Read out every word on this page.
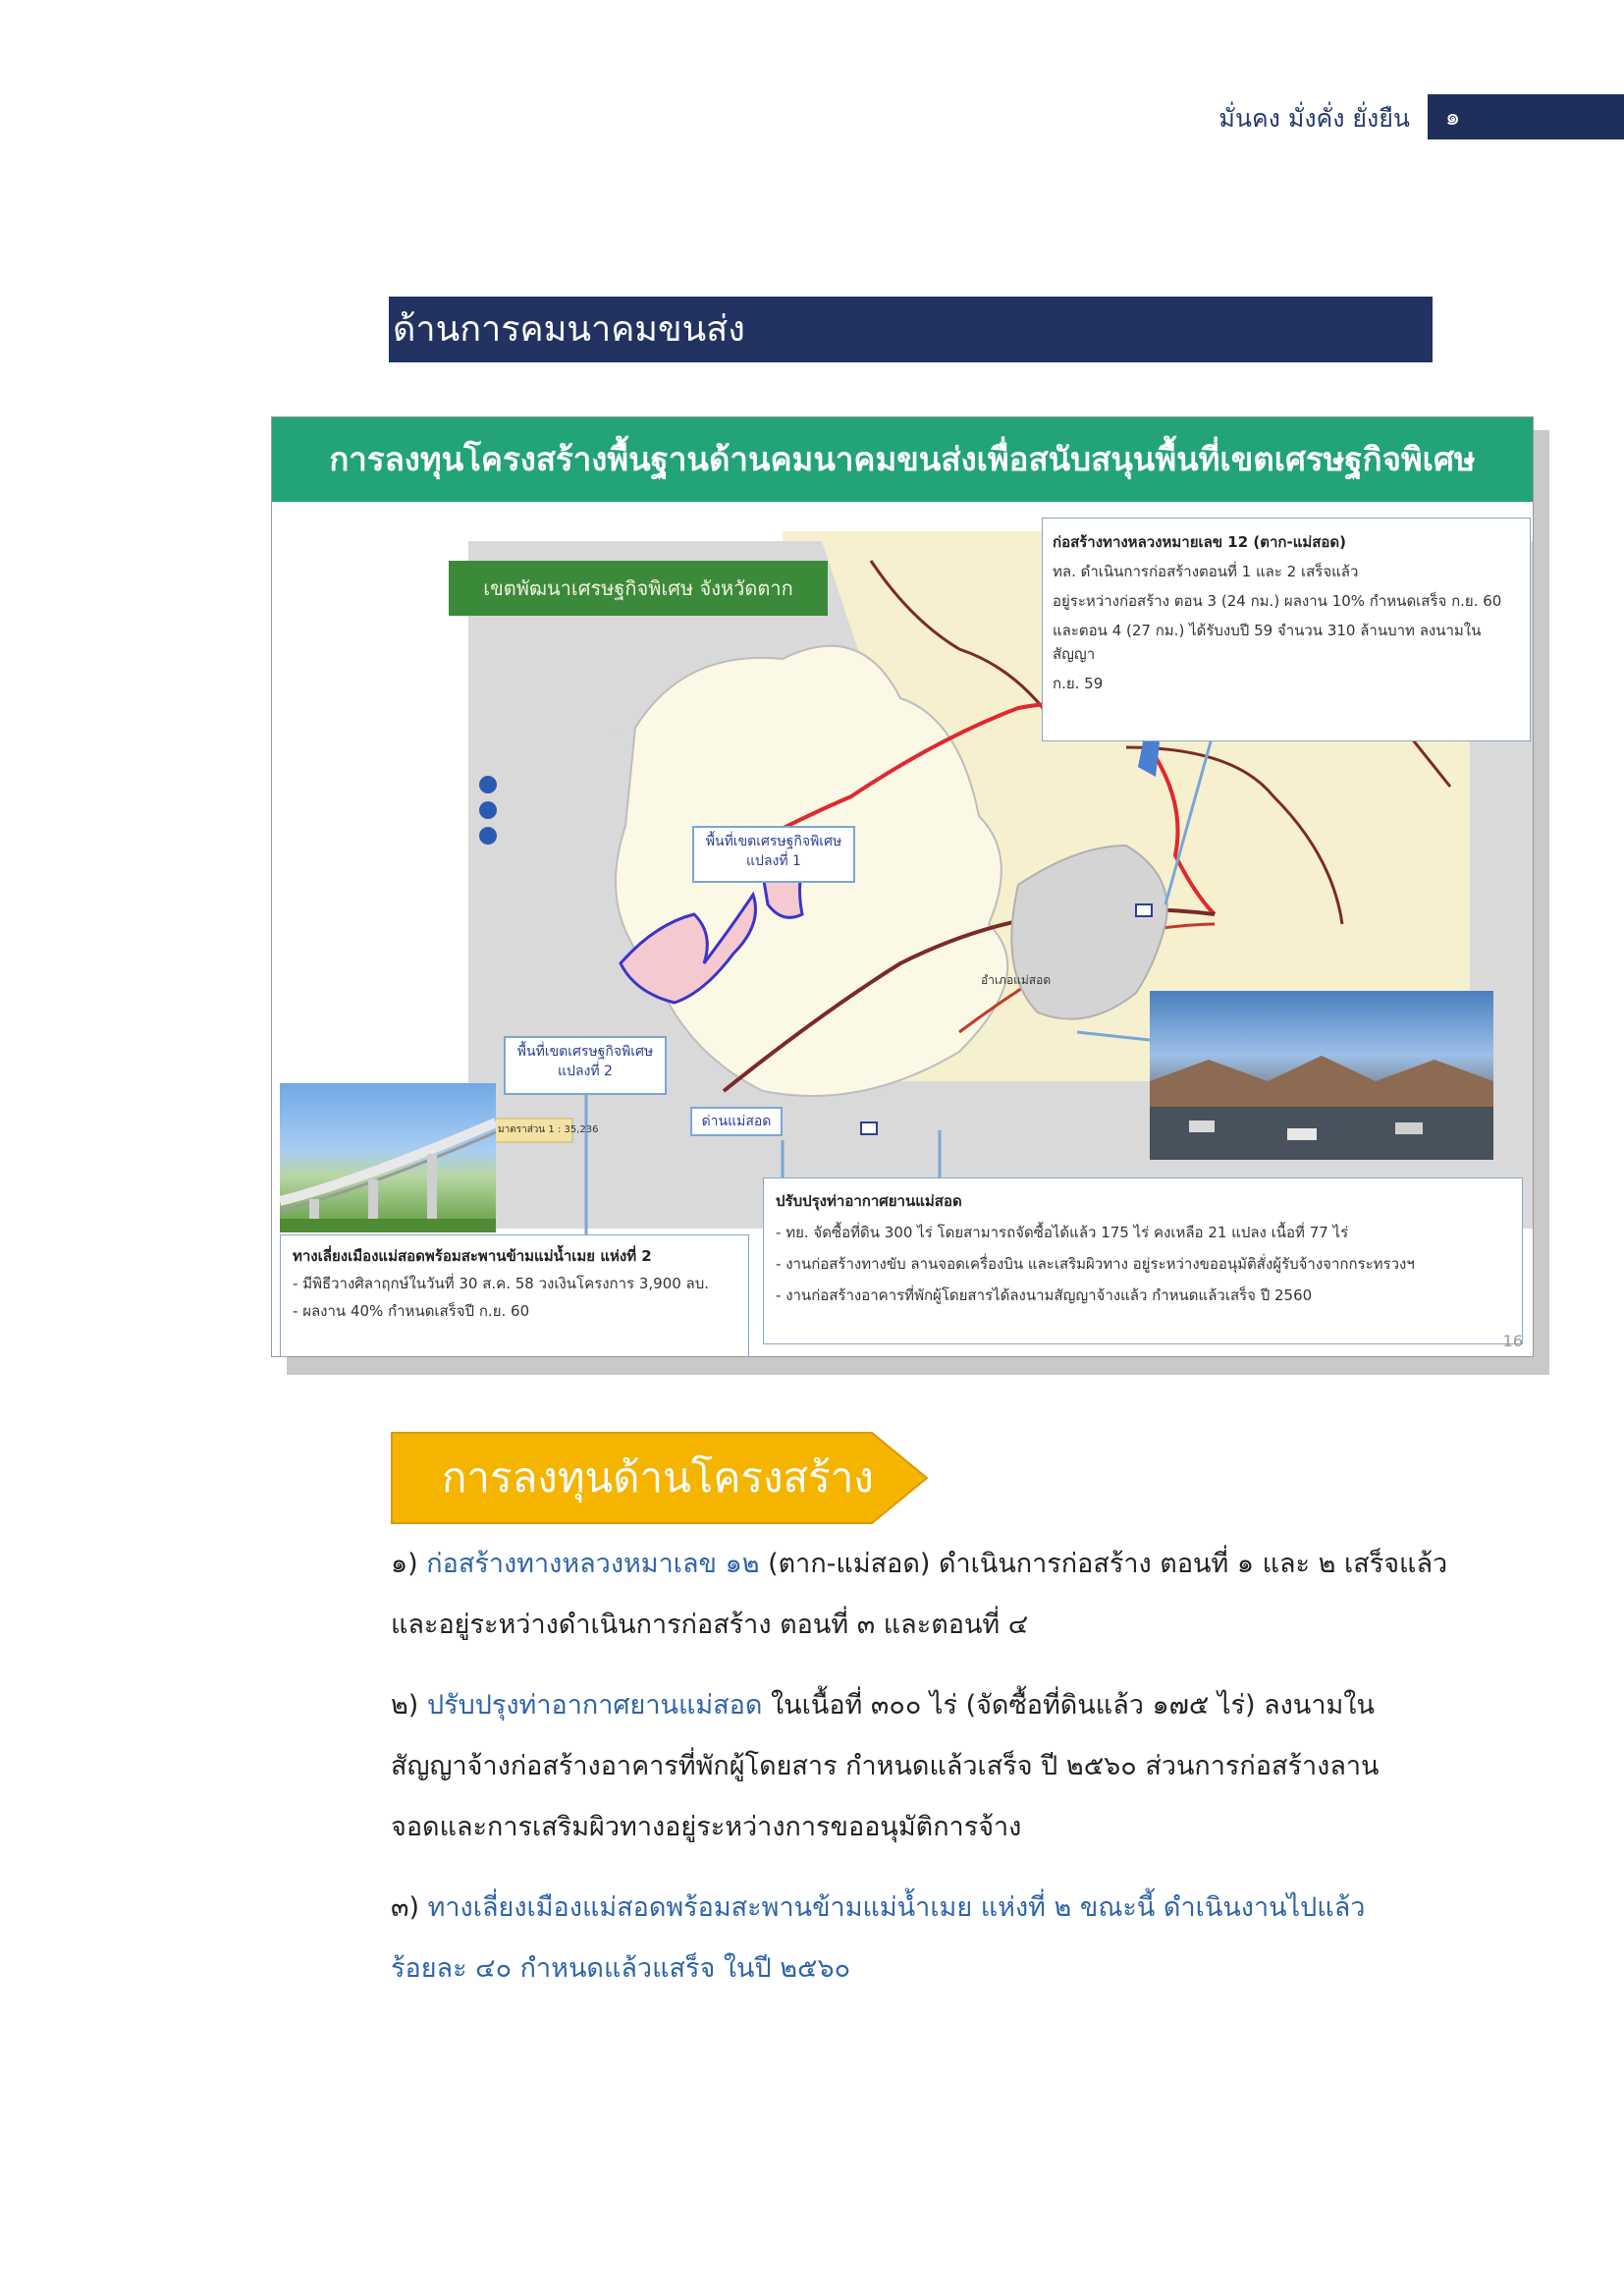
มั่นคง มั่งคั่ง ยั่งยืน	๑
ด้านการคมนาคมขนส่ง
การลงทุนโครงสร้างพื้นฐานด้านคมนาคมขนส่งเพื่อสนับสนุนพื้นที่เขตเศรษฐกิจพิเศษ
เขตพัฒนาเศรษฐกิจพิเศษ จังหวัดตาก
ก่อสร้างทางหลวงหมายเลข 12 (ตาก-แม่สอด)
ทล. ดำเนินการก่อสร้างตอนที่ 1 และ 2 เสร็จแล้ว
อยู่ระหว่างก่อสร้าง ตอน 3 (24 กม.) ผลงาน 10% กำหนดเสร็จ ก.ย. 60
และตอน 4 (27 กม.) ได้รับงบปี 59 จำนวน 310 ล้านบาท ลงนามในสัญญา
ก.ย. 59
พื้นที่เขตเศรษฐกิจพิเศษ
แปลงที่ 1
พื้นที่เขตเศรษฐกิจพิเศษ
แปลงที่ 2
ด่านแม่สอด
อำเภอแม่สอด
มาตราส่วน 1 : 35,236
ทางเลี่ยงเมืองแม่สอดพร้อมสะพานข้ามแม่น้ำเมย แห่งที่ 2
- มีพิธีวางศิลาฤกษ์ในวันที่ 30 ส.ค. 58 วงเงินโครงการ 3,900 ลบ.
- ผลงาน 40% กำหนดเสร็จปี ก.ย. 60
ปรับปรุงท่าอากาศยานแม่สอด
- ทย. จัดซื้อที่ดิน 300 ไร่ โดยสามารถจัดซื้อได้แล้ว 175 ไร่ คงเหลือ 21 แปลง เนื้อที่ 77 ไร่
- งานก่อสร้างทางขับ ลานจอดเครื่องบิน และเสริมผิวทาง อยู่ระหว่างขออนุมัติสั่งผู้รับจ้างจากกระทรวงฯ
- งานก่อสร้างอาคารที่พักผู้โดยสารได้ลงนามสัญญาจ้างแล้ว กำหนดแล้วเสร็จ ปี 2560
16
การลงทุนด้านโครงสร้าง
๑) ก่อสร้างทางหลวงหมาเลข ๑๒ (ตาก-แม่สอด) ดำเนินการก่อสร้าง ตอนที่ ๑ และ ๒ เสร็จแล้ว
และอยู่ระหว่างดำเนินการก่อสร้าง ตอนที่ ๓ และตอนที่ ๔
๒) ปรับปรุงท่าอากาศยานแม่สอด ในเนื้อที่ ๓๐๐ ไร่ (จัดซื้อที่ดินแล้ว ๑๗๕ ไร่) ลงนามใน
สัญญาจ้างก่อสร้างอาคารที่พักผู้โดยสาร กำหนดแล้วเสร็จ ปี ๒๕๖๐ ส่วนการก่อสร้างลาน
จอดและการเสริมผิวทางอยู่ระหว่างการขออนุมัติการจ้าง
๓) ทางเลี่ยงเมืองแม่สอดพร้อมสะพานข้ามแม่น้ำเมย แห่งที่ ๒ ขณะนี้ ดำเนินงานไปแล้ว
ร้อยละ ๔๐ กำหนดแล้วแสร็จ ในปี ๒๕๖๐
